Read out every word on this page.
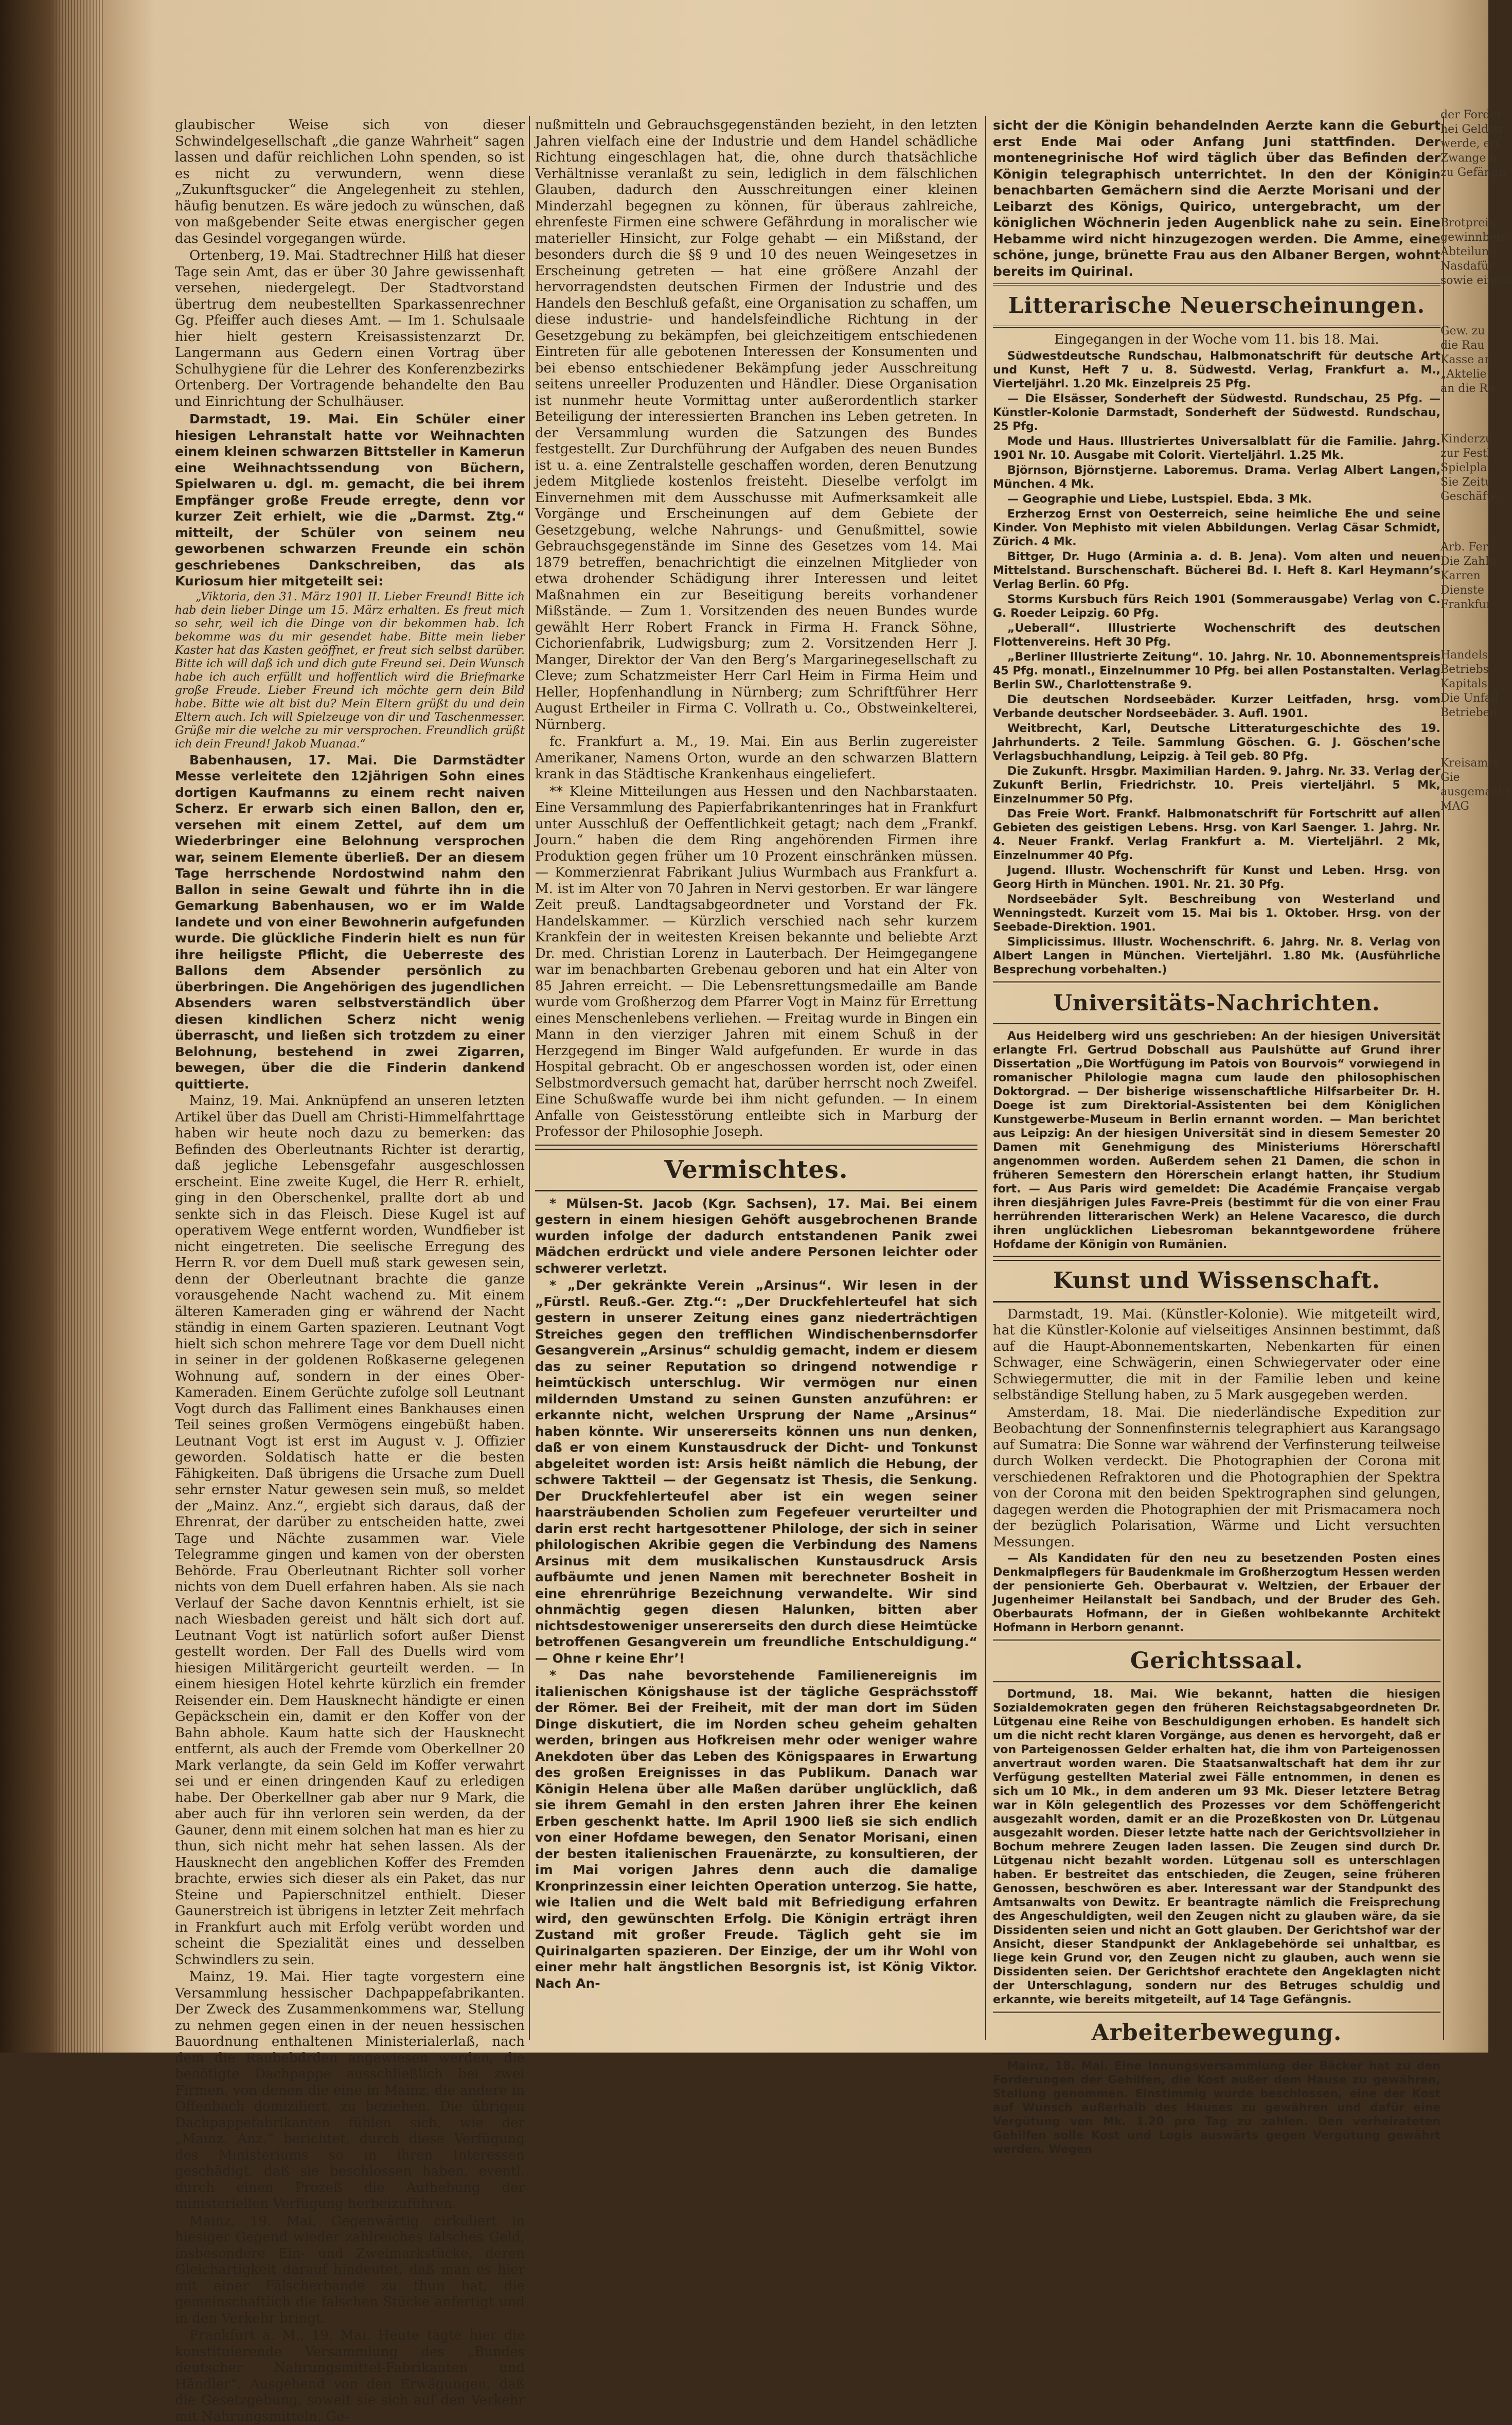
glaubischer Weise sich von dieser Schwindelgesellschaft „die ganze Wahrheit“ sagen lassen und dafür reichlichen Lohn spenden, so ist es nicht zu verwundern, wenn diese „Zukunftsgucker“ die Angelegenheit zu stehlen, häufig benutzen. Es wäre jedoch zu wünschen, daß von maßgebender Seite etwas energischer gegen das Gesindel vorgegangen würde.

Ortenberg, 19. Mai. Stadtrechner Hilß hat dieser Tage sein Amt, das er über 30 Jahre gewissenhaft versehen, niedergelegt. Der Stadtvorstand übertrug dem neubestellten Sparkassenrechner Gg. Pfeiffer auch dieses Amt. — Im 1. Schulsaale hier hielt gestern Kreisassistenzarzt Dr. Langermann aus Gedern einen Vortrag über Schulhygiene für die Lehrer des Konferenzbezirks Ortenberg. Der Vortragende behandelte den Bau und Einrichtung der Schulhäuser.

Darmstadt, 19. Mai. Ein Schüler einer hiesigen Lehranstalt hatte vor Weihnachten einem kleinen schwarzen Bittsteller in Kamerun eine Weihnachtssendung von Büchern, Spielwaren u. dgl. m. gemacht, die bei ihrem Empfänger große Freude erregte, denn vor kurzer Zeit erhielt, wie die „Darmst. Ztg.“ mitteilt, der Schüler von seinem neu geworbenen schwarzen Freunde ein schön geschriebenes Dankschreiben, das als Kuriosum hier mitgeteilt sei:

„Viktoria, den 31. März 1901 II. Lieber Freund! Bitte ich hab dein lieber Dinge um 15. März erhalten. Es freut mich so sehr, weil ich die Dinge von dir bekommen hab. Ich bekomme was du mir gesendet habe. Bitte mein lieber Kaster hat das Kasten geöffnet, er freut sich selbst darüber. Bitte ich will daß ich und dich gute Freund sei. Dein Wunsch habe ich auch erfüllt und hoffentlich wird die Briefmarke große Freude. Lieber Freund ich möchte gern dein Bild habe. Bitte wie alt bist du? Mein Eltern grüßt du und dein Eltern auch. Ich will Spielzeuge von dir und Taschenmesser. Grüße mir die welche zu mir versprochen. Freundlich grüßt ich dein Freund! Jakob Muanaa.“

Babenhausen, 17. Mai. Die Darmstädter Messe verleitete den 12jährigen Sohn eines dortigen Kaufmanns zu einem recht naiven Scherz. Er erwarb sich einen Ballon, den er, versehen mit einem Zettel, auf dem um Wiederbringer eine Belohnung versprochen war, seinem Elemente überließ. Der an diesem Tage herrschende Nordostwind nahm den Ballon in seine Gewalt und führte ihn in die Gemarkung Babenhausen, wo er im Walde landete und von einer Bewohnerin aufgefunden wurde. Die glückliche Finderin hielt es nun für ihre heiligste Pflicht, die Ueberreste des Ballons dem Absender persönlich zu überbringen. Die Angehörigen des jugendlichen Absenders waren selbstverständlich über diesen kindlichen Scherz nicht wenig überrascht, und ließen sich trotzdem zu einer Belohnung, bestehend in zwei Zigarren, bewegen, über die die Finderin dankend quittierte.

Mainz, 19. Mai. Anknüpfend an unseren letzten Artikel über das Duell am Christi-Himmelfahrttage haben wir heute noch dazu zu bemerken: das Befinden des Oberleutnants Richter ist derartig, daß jegliche Lebensgefahr ausgeschlossen erscheint. Eine zweite Kugel, die Herr R. erhielt, ging in den Oberschenkel, prallte dort ab und senkte sich in das Fleisch. Diese Kugel ist auf operativem Wege entfernt worden, Wundfieber ist nicht eingetreten. Die seelische Erregung des Herrn R. vor dem Duell muß stark gewesen sein, denn der Oberleutnant brachte die ganze vorausgehende Nacht wachend zu. Mit einem älteren Kameraden ging er während der Nacht ständig in einem Garten spazieren. Leutnant Vogt hielt sich schon mehrere Tage vor dem Duell nicht in seiner in der goldenen Roßkaserne gelegenen Wohnung auf, sondern in der eines Ober-Kameraden. Einem Gerüchte zufolge soll Leutnant Vogt durch das Falliment eines Bankhauses einen Teil seines großen Vermögens eingebüßt haben. Leutnant Vogt ist erst im August v. J. Offizier geworden. Soldatisch hatte er die besten Fähigkeiten. Daß übrigens die Ursache zum Duell sehr ernster Natur gewesen sein muß, so meldet der „Mainz. Anz.“, ergiebt sich daraus, daß der Ehrenrat, der darüber zu entscheiden hatte, zwei Tage und Nächte zusammen war. Viele Telegramme gingen und kamen von der obersten Behörde. Frau Oberleutnant Richter soll vorher nichts von dem Duell erfahren haben. Als sie nach Verlauf der Sache davon Kenntnis erhielt, ist sie nach Wiesbaden gereist und hält sich dort auf. Leutnant Vogt ist natürlich sofort außer Dienst gestellt worden. Der Fall des Duells wird vom hiesigen Militärgericht geurteilt werden. — In einem hiesigen Hotel kehrte kürzlich ein fremder Reisender ein. Dem Hausknecht händigte er einen Gepäckschein ein, damit er den Koffer von der Bahn abhole. Kaum hatte sich der Hausknecht entfernt, als auch der Fremde vom Oberkellner 20 Mark verlangte, da sein Geld im Koffer verwahrt sei und er einen dringenden Kauf zu erledigen habe. Der Oberkellner gab aber nur 9 Mark, die aber auch für ihn verloren sein werden, da der Gauner, denn mit einem solchen hat man es hier zu thun, sich nicht mehr hat sehen lassen. Als der Hausknecht den angeblichen Koffer des Fremden brachte, erwies sich dieser als ein Paket, das nur Steine und Papierschnitzel enthielt. Dieser Gaunerstreich ist übrigens in letzter Zeit mehrfach in Frankfurt auch mit Erfolg verübt worden und scheint die Spezialität eines und desselben Schwindlers zu sein.

Mainz, 19. Mai. Hier tagte vorgestern eine Versammlung hessischer Dachpappefabrikanten. Der Zweck des Zusammenkommens war, Stellung zu nehmen gegen einen in der neuen hessischen Bauordnung enthaltenen Ministerialerlaß, nach dem die Raubebdrden angewiesen werden, die benötigte Dachpappe ausschließlich bei zwei Firmen, von denen die eine in Mainz, die andere in Offenbach domiziliert, zu beziehen. Die übrigen Dachpappefabrikanten fühlen sich, wie der „Mainz. Anz.“ berichtet, durch diese Verfügung des Ministeriums so in ihren Interessen geschädigt, daß sie beschlossen haben, eventl. durch einen Prozeß die Aufhebung der ministeriellen Verfügung herbeizuführen.

Mainz, 19. Mai. Gegenwärtig cirkuliert in hiesiger Gegend wieder zahlreiches falsches Geld, insbesondere Ein- und Zweimarkstücke, deren Gleichartigkeit darauf hindeutet, daß man es hier mit einer Fälscherbande zu thun hat, die gemeinschaftlich die falschen Stücke anfertigt und in den Verkehr bringt.

Frankfurt a. M., 19. Mai. Heute tagte hier die konstituierende Versammlung des „Bundes deutscher Nahrungsmittel-Fabrikanten und Händler“. Ausgehend von den Erwägungen, daß die Gesetzgebung, soweit sie sich auf den Verkehr mit Nahrungsmitteln, Ge-

nußmitteln und Gebrauchsgegenständen bezieht, in den letzten Jahren vielfach eine der Industrie und dem Handel schädliche Richtung eingeschlagen hat, die, ohne durch thatsächliche Verhältnisse veranlaßt zu sein, lediglich in dem fälschlichen Glauben, dadurch den Ausschreitungen einer kleinen Minderzahl begegnen zu können, für überaus zahlreiche, ehrenfeste Firmen eine schwere Gefährdung in moralischer wie materieller Hinsicht, zur Folge gehabt — ein Mißstand, der besonders durch die §§ 9 und 10 des neuen Weingesetzes in Erscheinung getreten — hat eine größere Anzahl der hervorragendsten deutschen Firmen der Industrie und des Handels den Beschluß gefaßt, eine Organisation zu schaffen, um diese industrie- und handelsfeindliche Richtung in der Gesetzgebung zu bekämpfen, bei gleichzeitigem entschiedenen Eintreten für alle gebotenen Interessen der Konsumenten und bei ebenso entschiedener Bekämpfung jeder Ausschreitung seitens unreeller Produzenten und Händler. Diese Organisation ist nunmehr heute Vormittag unter außerordentlich starker Beteiligung der interessierten Branchen ins Leben getreten. In der Versammlung wurden die Satzungen des Bundes festgestellt. Zur Durchführung der Aufgaben des neuen Bundes ist u. a. eine Zentralstelle geschaffen worden, deren Benutzung jedem Mitgliede kostenlos freisteht. Dieselbe verfolgt im Einvernehmen mit dem Ausschusse mit Aufmerksamkeit alle Vorgänge und Erscheinungen auf dem Gebiete der Gesetzgebung, welche Nahrungs- und Genußmittel, sowie Gebrauchsgegenstände im Sinne des Gesetzes vom 14. Mai 1879 betreffen, benachrichtigt die einzelnen Mitglieder von etwa drohender Schädigung ihrer Interessen und leitet Maßnahmen ein zur Beseitigung bereits vorhandener Mißstände. — Zum 1. Vorsitzenden des neuen Bundes wurde gewählt Herr Robert Franck in Firma H. Franck Söhne, Cichorienfabrik, Ludwigsburg; zum 2. Vorsitzenden Herr J. Manger, Direktor der Van den Berg’s Margarinegesellschaft zu Cleve; zum Schatzmeister Herr Carl Heim in Firma Heim und Heller, Hopfenhandlung in Nürnberg; zum Schriftführer Herr August Ertheiler in Firma C. Vollrath u. Co., Obstweinkelterei, Nürnberg.

fc. Frankfurt a. M., 19. Mai. Ein aus Berlin zugereister Amerikaner, Namens Orton, wurde an den schwarzen Blattern krank in das Städtische Krankenhaus eingeliefert.

** Kleine Mitteilungen aus Hessen und den Nachbarstaaten. Eine Versammlung des Papierfabrikantenringes hat in Frankfurt unter Ausschluß der Oeffentlichkeit getagt; nach dem „Frankf. Journ.“ haben die dem Ring angehörenden Firmen ihre Produktion gegen früher um 10 Prozent einschränken müssen. — Kommerzienrat Fabrikant Julius Wurmbach aus Frankfurt a. M. ist im Alter von 70 Jahren in Nervi gestorben. Er war längere Zeit preuß. Landtagsabgeordneter und Vorstand der Fk. Handelskammer. — Kürzlich verschied nach sehr kurzem Krankfein der in weitesten Kreisen bekannte und beliebte Arzt Dr. med. Christian Lorenz in Lauterbach. Der Heimgegangene war im benachbarten Grebenau geboren und hat ein Alter von 85 Jahren erreicht. — Die Lebensrettungsmedaille am Bande wurde vom Großherzog dem Pfarrer Vogt in Mainz für Errettung eines Menschenlebens verliehen. — Freitag wurde in Bingen ein Mann in den vierziger Jahren mit einem Schuß in der Herzgegend im Binger Wald aufgefunden. Er wurde in das Hospital gebracht. Ob er angeschossen worden ist, oder einen Selbstmordversuch gemacht hat, darüber herrscht noch Zweifel. Eine Schußwaffe wurde bei ihm nicht gefunden. — In einem Anfalle von Geistesstörung entleibte sich in Marburg der Professor der Philosophie Joseph.

Vermischtes.

* Mülsen-St. Jacob (Kgr. Sachsen), 17. Mai. Bei einem gestern in einem hiesigen Gehöft ausgebrochenen Brande wurden infolge der dadurch entstandenen Panik zwei Mädchen erdrückt und viele andere Personen leichter oder schwerer verletzt.

* „Der gekränkte Verein „Arsinus“. Wir lesen in der „Fürstl. Reuß.-Ger. Ztg.“: „Der Druckfehlerteufel hat sich gestern in unserer Zeitung eines ganz niederträchtigen Streiches gegen den trefflichen Windischenbernsdorfer Gesangverein „Arsinus“ schuldig gemacht, indem er diesem das zu seiner Reputation so dringend notwendige r heimtückisch unterschlug. Wir vermögen nur einen mildernden Umstand zu seinen Gunsten anzuführen: er erkannte nicht, welchen Ursprung der Name „Arsinus“ haben könnte. Wir unsererseits können uns nun denken, daß er von einem Kunstausdruck der Dicht- und Tonkunst abgeleitet worden ist: Arsis heißt nämlich die Hebung, der schwere Taktteil — der Gegensatz ist Thesis, die Senkung. Der Druckfehlerteufel aber ist ein wegen seiner haarsträubenden Scholien zum Fegefeuer verurteilter und darin erst recht hartgesottener Philologe, der sich in seiner philologischen Akribie gegen die Verbindung des Namens Arsinus mit dem musikalischen Kunstausdruck Arsis aufbäumte und jenen Namen mit berechneter Bosheit in eine ehrenrührige Bezeichnung verwandelte. Wir sind ohnmächtig gegen diesen Halunken, bitten aber nichtsdestoweniger unsererseits den durch diese Heimtücke betroffenen Gesangverein um freundliche Entschuldigung.“ — Ohne r keine Ehr’!

* Das nahe bevorstehende Familienereignis im italienischen Königshause ist der tägliche Gesprächsstoff der Römer. Bei der Freiheit, mit der man dort im Süden Dinge diskutiert, die im Norden scheu geheim gehalten werden, bringen aus Hofkreisen mehr oder weniger wahre Anekdoten über das Leben des Königspaares in Erwartung des großen Ereignisses in das Publikum. Danach war Königin Helena über alle Maßen darüber unglücklich, daß sie ihrem Gemahl in den ersten Jahren ihrer Ehe keinen Erben geschenkt hatte. Im April 1900 ließ sie sich endlich von einer Hofdame bewegen, den Senator Morisani, einen der besten italienischen Frauenärzte, zu konsultieren, der im Mai vorigen Jahres denn auch die damalige Kronprinzessin einer leichten Operation unterzog. Sie hatte, wie Italien und die Welt bald mit Befriedigung erfahren wird, den gewünschten Erfolg. Die Königin erträgt ihren Zustand mit großer Freude. Täglich geht sie im Quirinalgarten spazieren. Der Einzige, der um ihr Wohl von einer mehr halt ängstlichen Besorgnis ist, ist König Viktor. Nach An-

sicht der die Königin behandelnden Aerzte kann die Geburt erst Ende Mai oder Anfang Juni stattfinden. Der montenegrinische Hof wird täglich über das Befinden der Königin telegraphisch unterrichtet. In den der Königin benachbarten Gemächern sind die Aerzte Morisani und der Leibarzt des Königs, Quirico, untergebracht, um der königlichen Wöchnerin jeden Augenblick nahe zu sein. Eine Hebamme wird nicht hinzugezogen werden. Die Amme, eine schöne, junge, brünette Frau aus den Albaner Bergen, wohnt bereits im Quirinal.

Litterarische Neuerscheinungen.

Eingegangen in der Woche vom 11. bis 18. Mai.

Südwestdeutsche Rundschau, Halbmonatschrift für deutsche Art und Kunst, Heft 7 u. 8. Südwestd. Verlag, Frankfurt a. M., Vierteljährl. 1.20 Mk. Einzelpreis 25 Pfg.

— Die Elsässer, Sonderheft der Südwestd. Rundschau, 25 Pfg. — Künstler-Kolonie Darmstadt, Sonderheft der Südwestd. Rundschau, 25 Pfg.

Mode und Haus. Illustriertes Universalblatt für die Familie. Jahrg. 1901 Nr. 10. Ausgabe mit Colorit. Vierteljährl. 1.25 Mk.

Björnson, Björnstjerne. Laboremus. Drama. Verlag Albert Langen, München. 4 Mk.

— Geographie und Liebe, Lustspiel. Ebda. 3 Mk.

Erzherzog Ernst von Oesterreich, seine heimliche Ehe und seine Kinder. Von Mephisto mit vielen Abbildungen. Verlag Cäsar Schmidt, Zürich. 4 Mk.

Bittger, Dr. Hugo (Arminia a. d. B. Jena). Vom alten und neuen Mittelstand. Burschenschaft. Bücherei Bd. I. Heft 8. Karl Heymann’s Verlag Berlin. 60 Pfg.

Storms Kursbuch fürs Reich 1901 (Sommerausgabe) Verlag von C. G. Roeder Leipzig. 60 Pfg.

„Ueberall“. Illustrierte Wochenschrift des deutschen Flottenvereins. Heft 30 Pfg.

„Berliner Illustrierte Zeitung“. 10. Jahrg. Nr. 10. Abonnementspreis 45 Pfg. monatl., Einzelnummer 10 Pfg. bei allen Postanstalten. Verlag Berlin SW., Charlottenstraße 9.

Die deutschen Nordseebäder. Kurzer Leitfaden, hrsg. vom Verbande deutscher Nordseebäder. 3. Aufl. 1901.

Weitbrecht, Karl, Deutsche Litteraturgeschichte des 19. Jahrhunderts. 2 Teile. Sammlung Göschen. G. J. Göschen’sche Verlagsbuchhandlung, Leipzig. à Teil geb. 80 Pfg.

Die Zukunft. Hrsgbr. Maximilian Harden. 9. Jahrg. Nr. 33. Verlag der Zukunft Berlin, Friedrichstr. 10. Preis vierteljährl. 5 Mk, Einzelnummer 50 Pfg.

Das Freie Wort. Frankf. Halbmonatschrift für Fortschritt auf allen Gebieten des geistigen Lebens. Hrsg. von Karl Saenger. 1. Jahrg. Nr. 4. Neuer Frankf. Verlag Frankfurt a. M. Vierteljährl. 2 Mk, Einzelnummer 40 Pfg.

Jugend. Illustr. Wochenschrift für Kunst und Leben. Hrsg. von Georg Hirth in München. 1901. Nr. 21. 30 Pfg.

Nordseebäder Sylt. Beschreibung von Westerland und Wenningstedt. Kurzeit vom 15. Mai bis 1. Oktober. Hrsg. von der Seebade-Direktion. 1901.

Simplicissimus. Illustr. Wochenschrift. 6. Jahrg. Nr. 8. Verlag von Albert Langen in München. Vierteljährl. 1.80 Mk. (Ausführliche Besprechung vorbehalten.)

Universitäts-Nachrichten.

Aus Heidelberg wird uns geschrieben: An der hiesigen Universität erlangte Frl. Gertrud Dobschall aus Paulshütte auf Grund ihrer Dissertation „Die Wortfügung im Patois von Bourvois“ vorwiegend in romanischer Philologie magna cum laude den philosophischen Doktorgrad. — Der bisherige wissenschaftliche Hilfsarbeiter Dr. H. Doege ist zum Direktorial-Assistenten bei dem Königlichen Kunstgewerbe-Museum in Berlin ernannt worden. — Man berichtet aus Leipzig: An der hiesigen Universität sind in diesem Semester 20 Damen mit Genehmigung des Ministeriums Hörerschaftl angenommen worden. Außerdem sehen 21 Damen, die schon in früheren Semestern den Hörerschein erlangt hatten, ihr Studium fort. — Aus Paris wird gemeldet: Die Académie Française vergab ihren diesjährigen Jules Favre-Preis (bestimmt für die von einer Frau herrührenden litterarischen Werk) an Helene Vacaresco, die durch ihren unglücklichen Liebesroman bekanntgewordene frühere Hofdame der Königin von Rumänien.

Kunst und Wissenschaft.

Darmstadt, 19. Mai. (Künstler-Kolonie). Wie mitgeteilt wird, hat die Künstler-Kolonie auf vielseitiges Ansinnen bestimmt, daß auf die Haupt-Abonnementskarten, Nebenkarten für einen Schwager, eine Schwägerin, einen Schwiegervater oder eine Schwiegermutter, die mit in der Familie leben und keine selbständige Stellung haben, zu 5 Mark ausgegeben werden.

Amsterdam, 18. Mai. Die niederländische Expedition zur Beobachtung der Sonnenfinsternis telegraphiert aus Karangsago auf Sumatra: Die Sonne war während der Verfinsterung teilweise durch Wolken verdeckt. Die Photographien der Corona mit verschiedenen Refraktoren und die Photographien der Spektra von der Corona mit den beiden Spektrographen sind gelungen, dagegen werden die Photographien der mit Prismacamera noch der bezüglich Polarisation, Wärme und Licht versuchten Messungen.

— Als Kandidaten für den neu zu besetzenden Posten eines Denkmalpflegers für Baudenkmale im Großherzogtum Hessen werden der pensionierte Geh. Oberbaurat v. Weltzien, der Erbauer der Jugenheimer Heilanstalt bei Sandbach, und der Bruder des Geh. Oberbaurats Hofmann, der in Gießen wohlbekannte Architekt Hofmann in Herborn genannt.

Gerichtssaal.

Dortmund, 18. Mai. Wie bekannt, hatten die hiesigen Sozialdemokraten gegen den früheren Reichstagsabgeordneten Dr. Lütgenau eine Reihe von Beschuldigungen erhoben. Es handelt sich um die nicht recht klaren Vorgänge, aus denen es hervorgeht, daß er von Parteigenossen Gelder erhalten hat, die ihm von Parteigenossen anvertraut worden waren. Die Staatsanwaltschaft hat dem ihr zur Verfügung gestellten Material zwei Fälle entnommen, in denen es sich um 10 Mk., in dem anderen um 93 Mk. Dieser letztere Betrag war in Köln gelegentlich des Prozesses vor dem Schöffengericht ausgezahlt worden, damit er an die Prozeßkosten von Dr. Lütgenau ausgezahlt worden. Dieser letzte hatte nach der Gerichtsvollzieher in Bochum mehrere Zeugen laden lassen. Die Zeugen sind durch Dr. Lütgenau nicht bezahlt worden. Lütgenau soll es unterschlagen haben. Er bestreitet das entschieden, die Zeugen, seine früheren Genossen, beschwören es aber. Interessant war der Standpunkt des Amtsanwalts von Dewitz. Er beantragte nämlich die Freisprechung des Angeschuldigten, weil den Zeugen nicht zu glauben wäre, da sie Dissidenten seien und nicht an Gott glauben. Der Gerichtshof war der Ansicht, dieser Standpunkt der Anklagebehörde sei unhaltbar, es liege kein Grund vor, den Zeugen nicht zu glauben, auch wenn sie Dissidenten seien. Der Gerichtshof erachtete den Angeklagten nicht der Unterschlagung, sondern nur des Betruges schuldig und erkannte, wie bereits mitgeteilt, auf 14 Tage Gefängnis.

Arbeiterbewegung.

Mainz, 18. Mai. Eine Innungsversammlung der Bäcker hat zu den Forderungen der Gehilfen, die Kost außer dem Hause zu gewähren, Stellung genommen. Einstimmig wurde beschlossen, eine der Kost auf Wunsch außerhalb des Hauses zu gewähren und dafür eine Vergütung von Mk. 1.20 pro Tag zu zahlen. Den verheirateten Gehilfen solle Kost und Logis auswärts gegen Vergütung gewährt werden. Wegen

der Forder
hei Geldstr
werde, erf
Zwange b
zu Gefängn
Brotpreis
gewinnbetr
Abteilung
Nasdafür
sowie einstü
Gew. zu
die Rau
Kasse an
„Aktelie
an die Re
Kinderzu
zur Festl
Spielpla
Sie Zeitu
Geschäfte
Arb. Ferd
Die Zahlu
Karren
Dienste
Frankfur
Handels
Betriebs
Kapitals
Die Unfall
Betrieben
Kreisamts
Gie
ausgemacht
MAG
